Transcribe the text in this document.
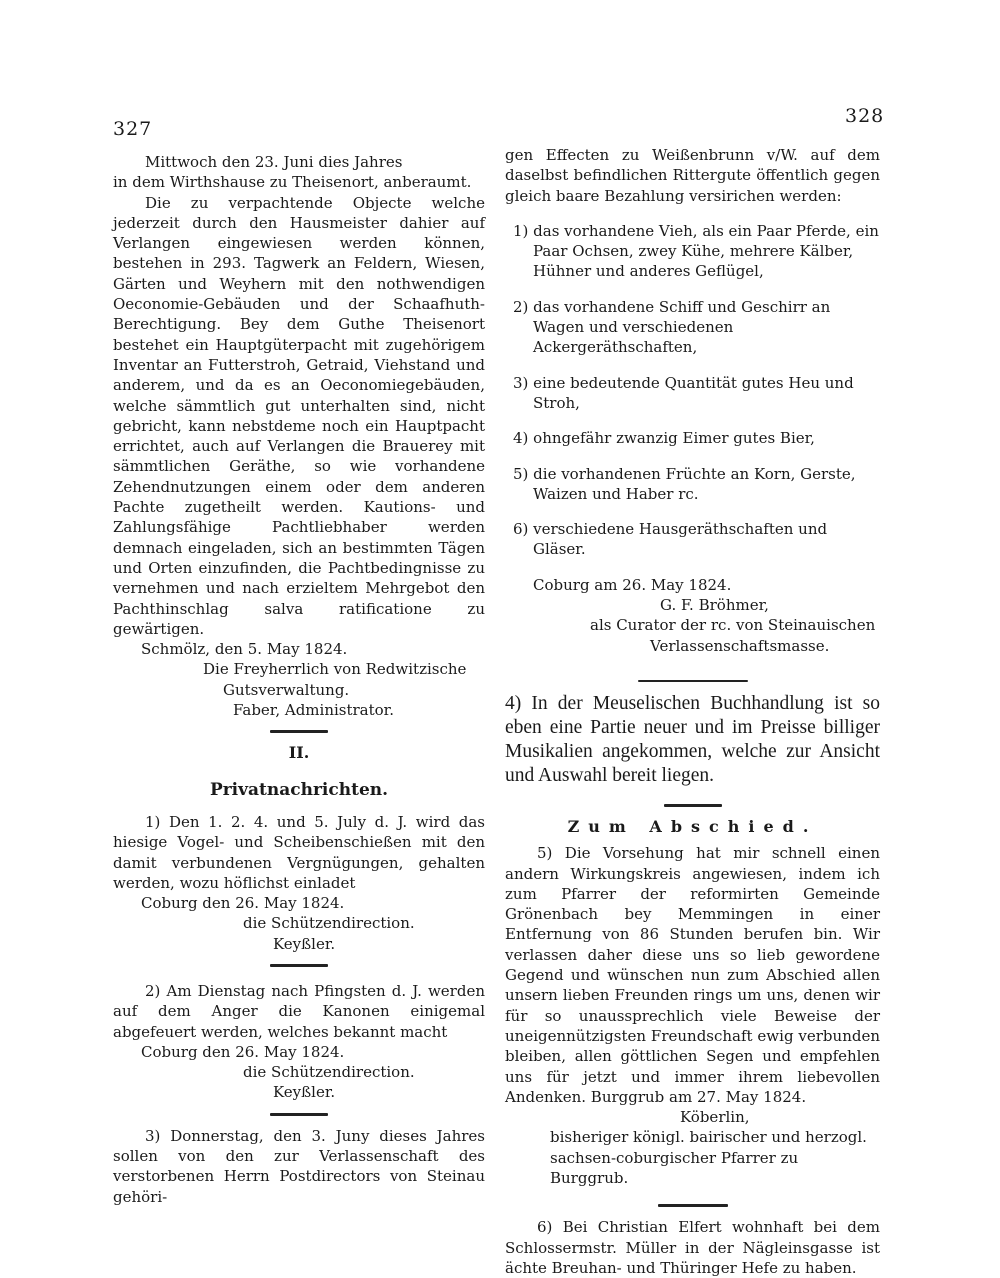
327
328

Mittwoch den 23. Juni dies Jahres

in dem Wirthshause zu Theisenort, anberaumt.

Die zu verpachtende Objecte welche jederzeit durch den Hausmeister dahier auf Verlangen eingewiesen werden können, bestehen in 293. Tagwerk an Feldern, Wiesen, Gärten und Weyhern mit den nothwendigen Oeconomie-Gebäuden und der Schaafhuth-Berechtigung. Bey dem Guthe Theisenort bestehet ein Hauptgüterpacht mit zugehörigem Inventar an Futterstroh, Getraid, Viehstand und anderem, und da es an Oeconomiegebäuden, welche sämmtlich gut unterhalten sind, nicht gebricht, kann nebstdeme noch ein Hauptpacht errichtet, auch auf Verlangen die Brauerey mit sämmtlichen Geräthe, so wie vorhandene Zehendnutzungen einem oder dem anderen Pachte zugetheilt werden. Kautions- und Zahlungsfähige Pachtliebhaber werden demnach eingeladen, sich an bestimmten Tägen und Orten einzufinden, die Pachtbedingnisse zu vernehmen und nach erzieltem Mehrgebot den Pachthinschlag salva ratificatione zu gewärtigen.

Schmölz, den 5. May 1824.

Die Freyherrlich von Redwitzische

Gutsverwaltung.

Faber, Administrator.

II.
Privatnachrichten.

1) Den 1. 2. 4. und 5. July d. J. wird das hiesige Vogel- und Scheibenschießen mit den damit verbundenen Vergnügungen, gehalten werden, wozu höflichst einladet

Coburg den 26. May 1824.

die Schützendirection.

Keyßler.

2) Am Dienstag nach Pfingsten d. J. werden auf dem Anger die Kanonen einigemal abgefeuert werden, welches bekannt macht

Coburg den 26. May 1824.

die Schützendirection.

Keyßler.

3) Donnerstag, den 3. Juny dieses Jahres sollen von den zur Verlassenschaft des verstorbenen Herrn Postdirectors von Steinau gehöri-

gen Effecten zu Weißenbrunn v/W. auf dem daselbst befindlichen Rittergute öffentlich gegen gleich baare Bezahlung versirichen werden:

1) das vorhandene Vieh, als ein Paar Pferde, ein Paar Ochsen, zwey Kühe, mehrere Kälber, Hühner und anderes Geflügel,

2) das vorhandene Schiff und Geschirr an Wagen und verschiedenen Ackergeräthschaften,

3) eine bedeutende Quantität gutes Heu und Stroh,

4) ohngefähr zwanzig Eimer gutes Bier,

5) die vorhandenen Früchte an Korn, Gerste, Waizen und Haber rc.

6) verschiedene Hausgeräthschaften und Gläser.

Coburg am 26. May 1824.

G. F. Bröhmer,

als Curator der rc. von Steinauischen

Verlassenschaftsmasse.

4) In der Meuselischen Buchhandlung ist so eben eine Partie neuer und im Preisse billiger Musikalien angekommen, welche zur Ansicht und Auswahl bereit liegen.

Zum Abschied.

5) Die Vorsehung hat mir schnell einen andern Wirkungskreis angewiesen, indem ich zum Pfarrer der reformirten Gemeinde Grönenbach bey Memmingen in einer Entfernung von 86 Stunden berufen bin. Wir verlassen daher diese uns so lieb gewordene Gegend und wünschen nun zum Abschied allen unsern lieben Freunden rings um uns, denen wir für so unaussprechlich viele Beweise der uneigennützigsten Freundschaft ewig verbunden bleiben, allen göttlichen Segen und empfehlen uns für jetzt und immer ihrem liebevollen Andenken. Burggrub am 27. May 1824.

Köberlin,

bisheriger königl. bairischer und herzogl.

sachsen-coburgischer Pfarrer zu Burggrub.

6) Bei Christian Elfert wohnhaft bei dem Schlossermstr. Müller in der Nägleinsgasse ist ächte Breuhan- und Thüringer Hefe zu haben.
